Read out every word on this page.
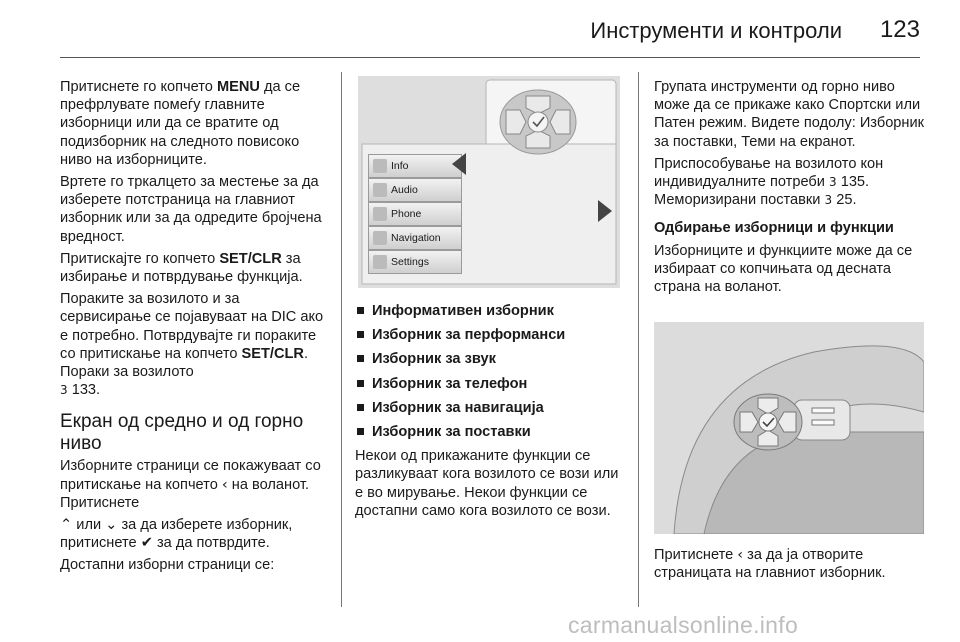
Инструменти и контроли 123

Притиснете го копчето MENU да се префрлувате помеѓу главните изборници или да се вратите од подизборник на следното повисоко ниво на изборниците.

Вртете го тркалцето за местење за да изберете потстраница на главниот изборник или за да одредите бројчена вредност.

Притискајте го копчето SET/CLR за избирање и потврдување функција.

Пораките за возилото и за сервисирање се појавуваат на DIC ако е потребно. Потврдувајте ги пораките со притискање на копчето SET/CLR. Пораки за возилото
3 133.

Екран од средно и од горно ниво

Изборните страници се покажуваат со притискање на копчето ‹ на воланот. Притиснете

⌃ или ⌄ за да изберете изборник, притиснете ✔ за да потврдите.

Достапни изборни страници се:

Info
Audio
Phone
Navigation
Settings
Информативен изборник
Изборник за перформанси
Изборник за звук
Изборник за телефон
Изборник за навигација
Изборник за поставки

Некои од прикажаните функции се разликуваат кога возилото се вози или е во мирување. Некои функции се достапни само кога возилото се вози.

Групата инструменти од горно ниво може да се прикаже како Спортски или Патен режим. Видете подолу: Изборник за поставки, Теми на екранот.

Приспособување на возилото кон индивидуалните потреби 3 135.
Меморизирани поставки 3 25.

Одбирање изборници и функции

Изборниците и функциите може да се избираат со копчињата од десната страна на воланот.

Притиснете ‹ за да ја отворите страницата на главниот изборник.

carmanualsonline.info
